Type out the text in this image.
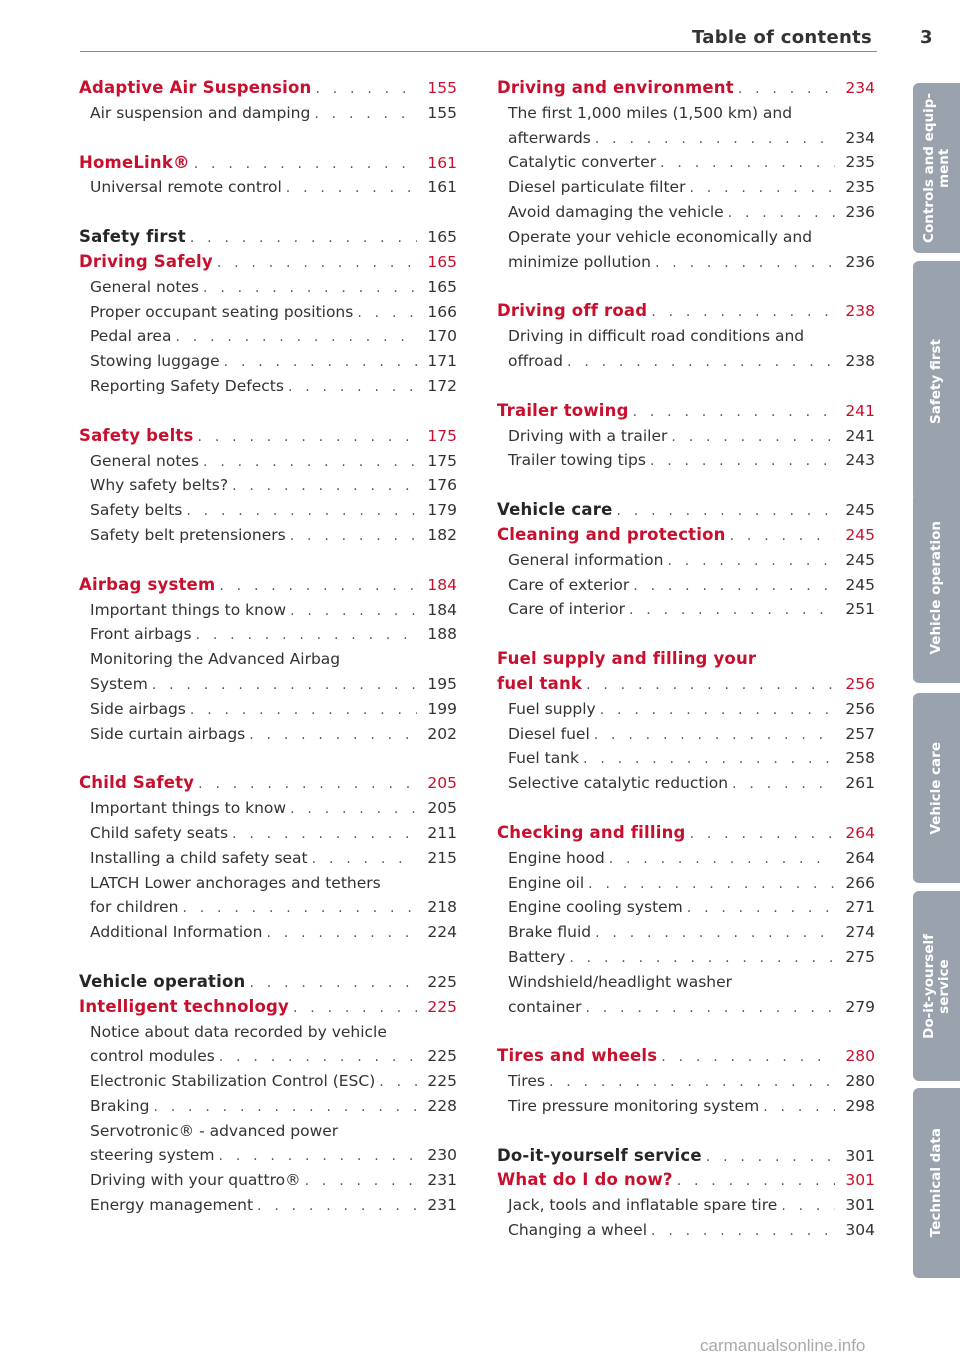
Table of contents	3
Adaptive Air Suspension . . .	155
Air suspension and damping . . .	155
HomeLink® . . .	161
Universal remote control . . .	161
Safety first . . .	165
Driving Safely . . .	165
General notes . . .	165
Proper occupant seating positions . . .	166
Pedal area . . .	170
Stowing luggage . . .	171
Reporting Safety Defects . . .	172
Safety belts . . .	175
General notes . . .	175
Why safety belts? . . .	176
Safety belts . . .	179
Safety belt pretensioners . . .	182
Airbag system . . .	184
Important things to know . . .	184
Front airbags . . .	188
Monitoring the Advanced Airbag
System . . .	195
Side airbags . . .	199
Side curtain airbags . . .	202
Child Safety . . .	205
Important things to know . . .	205
Child safety seats . . .	211
Installing a child safety seat . . .	215
LATCH Lower anchorages and tethers
for children . . .	218
Additional Information . . .	224
Vehicle operation . . .	225
Intelligent technology . . .	225
Notice about data recorded by vehicle
control modules . . .	225
Electronic Stabilization Control (ESC) . . .	225
Braking . . .	228
Servotronic® - advanced power
steering system . . .	230
Driving with your quattro® . . .	231
Energy management . . .	231
Driving and environment . . .	234
The first 1,000 miles (1,500 km) and
afterwards . . .	234
Catalytic converter . . .	235
Diesel particulate filter . . .	235
Avoid damaging the vehicle . . .	236
Operate your vehicle economically and
minimize pollution . . .	236
Driving off road . . .	238
Driving in difficult road conditions and
offroad . . .	238
Trailer towing . . .	241
Driving with a trailer . . .	241
Trailer towing tips . . .	243
Vehicle care . . .	245
Cleaning and protection . . .	245
General information . . .	245
Care of exterior . . .	245
Care of interior . . .	251
Fuel supply and filling your
fuel tank . . .	256
Fuel supply . . .	256
Diesel fuel . . .	257
Fuel tank . . .	258
Selective catalytic reduction . . .	261
Checking and filling . . .	264
Engine hood . . .	264
Engine oil . . .	266
Engine cooling system . . .	271
Brake fluid . . .	274
Battery . . .	275
Windshield/headlight washer
container . . .	279
Tires and wheels . . .	280
Tires . . .	280
Tire pressure monitoring system . . .	298
Do-it-yourself service . . .	301
What do I do now? . . .	301
Jack, tools and inflatable spare tire . . .	301
Changing a wheel . . .	304
Controls and equip-
ment
Safety first
Vehicle operation
Vehicle care
Do-it-yourself
service
Technical data
carmanualsonline.info
